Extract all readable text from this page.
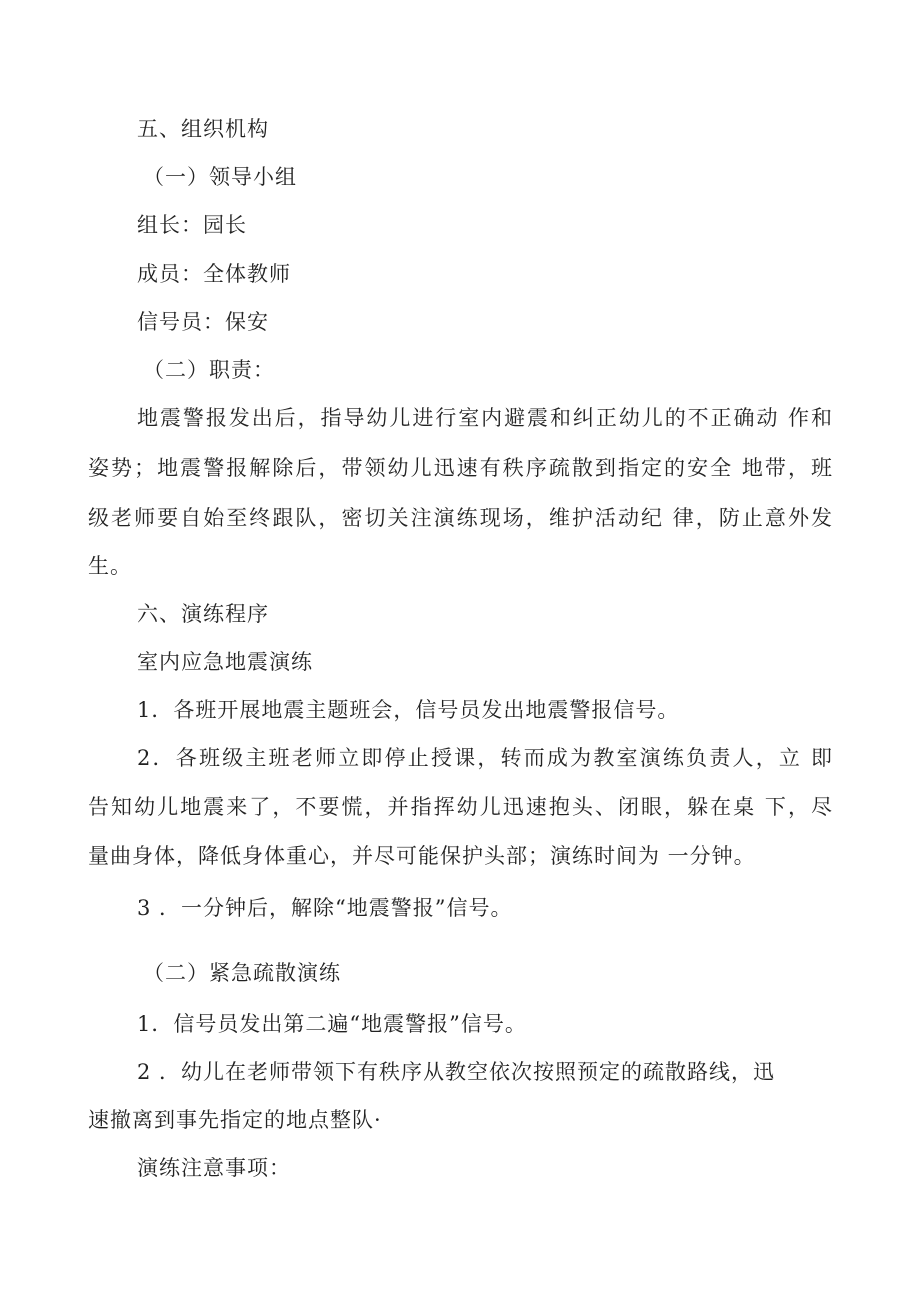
五、组织机构
（一）领导小组
组长：园长
成员：全体教师
信号员：保安
（二）职责：
地震警报发出后，指导幼儿进行室内避震和纠正幼儿的不正确动 作和
姿势；地震警报解除后，带领幼儿迅速有秩序疏散到指定的安全 地带，班
级老师要自始至终跟队，密切关注演练现场，维护活动纪 律，防止意外发
生。
六、演练程序
室内应急地震演练
1．各班开展地震主题班会，信号员发出地震警报信号。
2．各班级主班老师立即停止授课，转而成为教室演练负责人，立 即
告知幼儿地震来了，不要慌，并指挥幼儿迅速抱头、闭眼，躲在桌 下，尽
量曲身体，降低身体重心，并尽可能保护头部；演练时间为 一分钟。
3 ．一分钟后，解除“地震警报”信号。
（二）紧急疏散演练
1．信号员发出第二遍“地震警报”信号。
2 ．幼儿在老师带领下有秩序从教空依次按照预定的疏散路线，迅
速撤离到事先指定的地点整队·
演练注意事项：
